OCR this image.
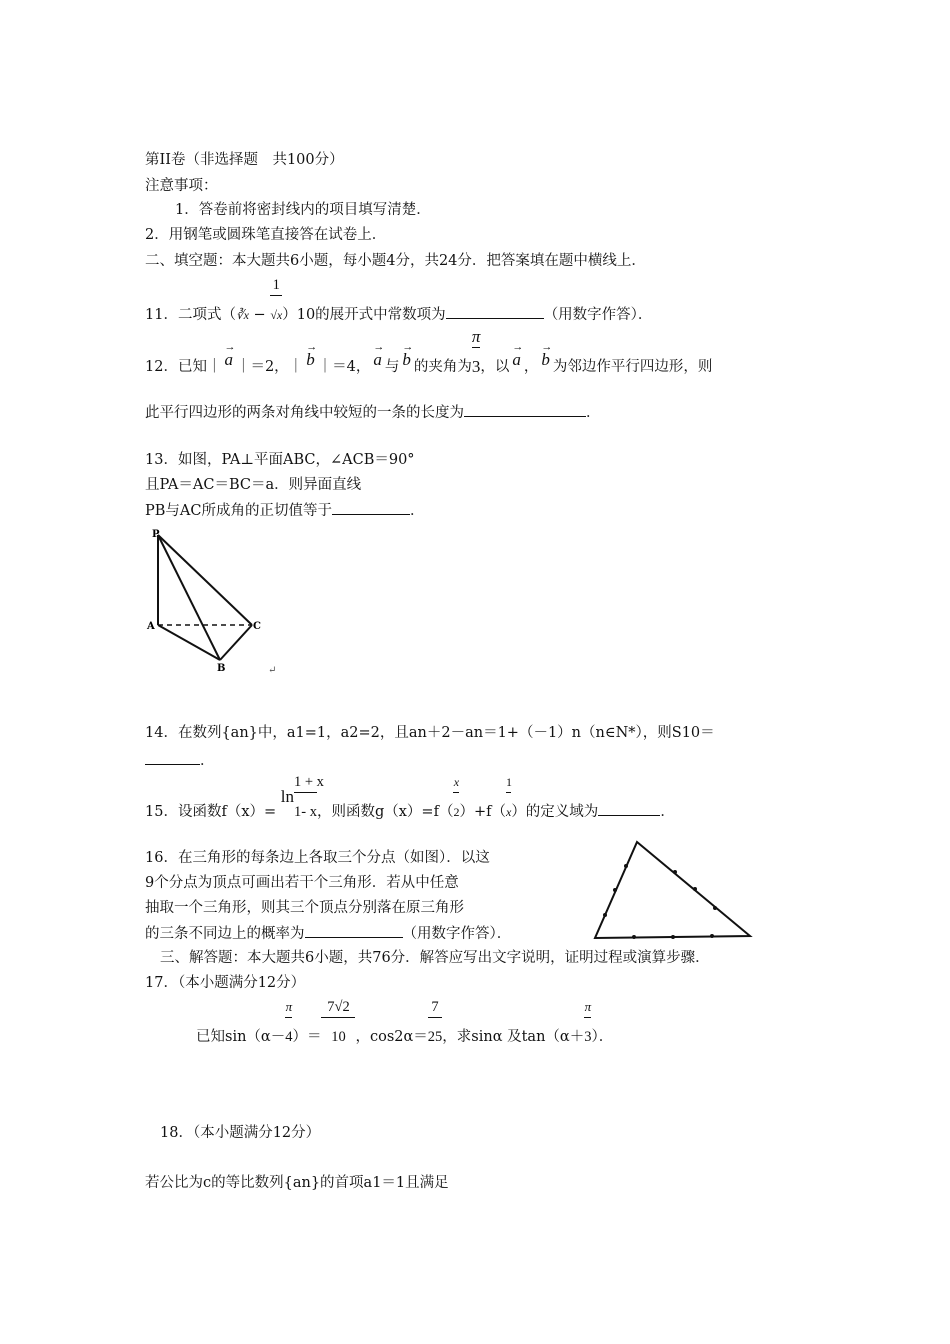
第II卷（非选择题　共100分）
注意事项：
1．答卷前将密封线内的项目填写清楚．
2．用钢笔或圆珠笔直接答在试卷上．
二、填空题：本大题共6小题，每小题4分，共24分．把答案填在题中横线上．
11．二项式（∛x − $\frac{1}{√x})10$的展开式中常数项为	（用数字作答）．
12．已知｜ → a ｜＝2，｜ → b ｜＝4， → a 与 → b 的夹角为 $\frac{\pi}{3}$，以 → a ， → b 为邻边作平行四边形，则
此平行四边形的两条对角线中较短的一条的长度为	．
13．如图，PA⊥平面ABC，∠ACB＝90°
且PA＝AC＝BC＝a．则异面直线
PB与AC所成角的正切值等于	．
P
A	C
B	↵
14．在数列{an}中，a1=1，a2=2，且an＋2－an＝1+（－1）n（n∈N*），则S10＝
．
15．设函数f（x）= ln
$\frac{1 + x}{1- x}$，则函数$g(x)=f( \frac{x}{2})+f( \frac{1}{x})$的定义域为	．
16．在三角形的每条边上各取三个分点（如图）．以这
9个分点为顶点可画出若干个三角形．若从中任意
抽取一个三角形，则其三个顶点分别落在原三角形
的三条不同边上的概率为	（用数字作答）．
三、解答题：本大题共6小题，共76分．解答应写出文字说明，证明过程或演算步骤．
17．（本小题满分12分）
已知$\sin(\alpha- \frac{\pi}{4})= \frac{7√2}{10}$，$\cos 2\alpha= \frac{7}{25}$，求sinα 及$\tan(\alpha+ \frac{\pi}{3})$．
18．（本小题满分12分）
若公比为c的等比数列{an}的首项a1＝1且满足
